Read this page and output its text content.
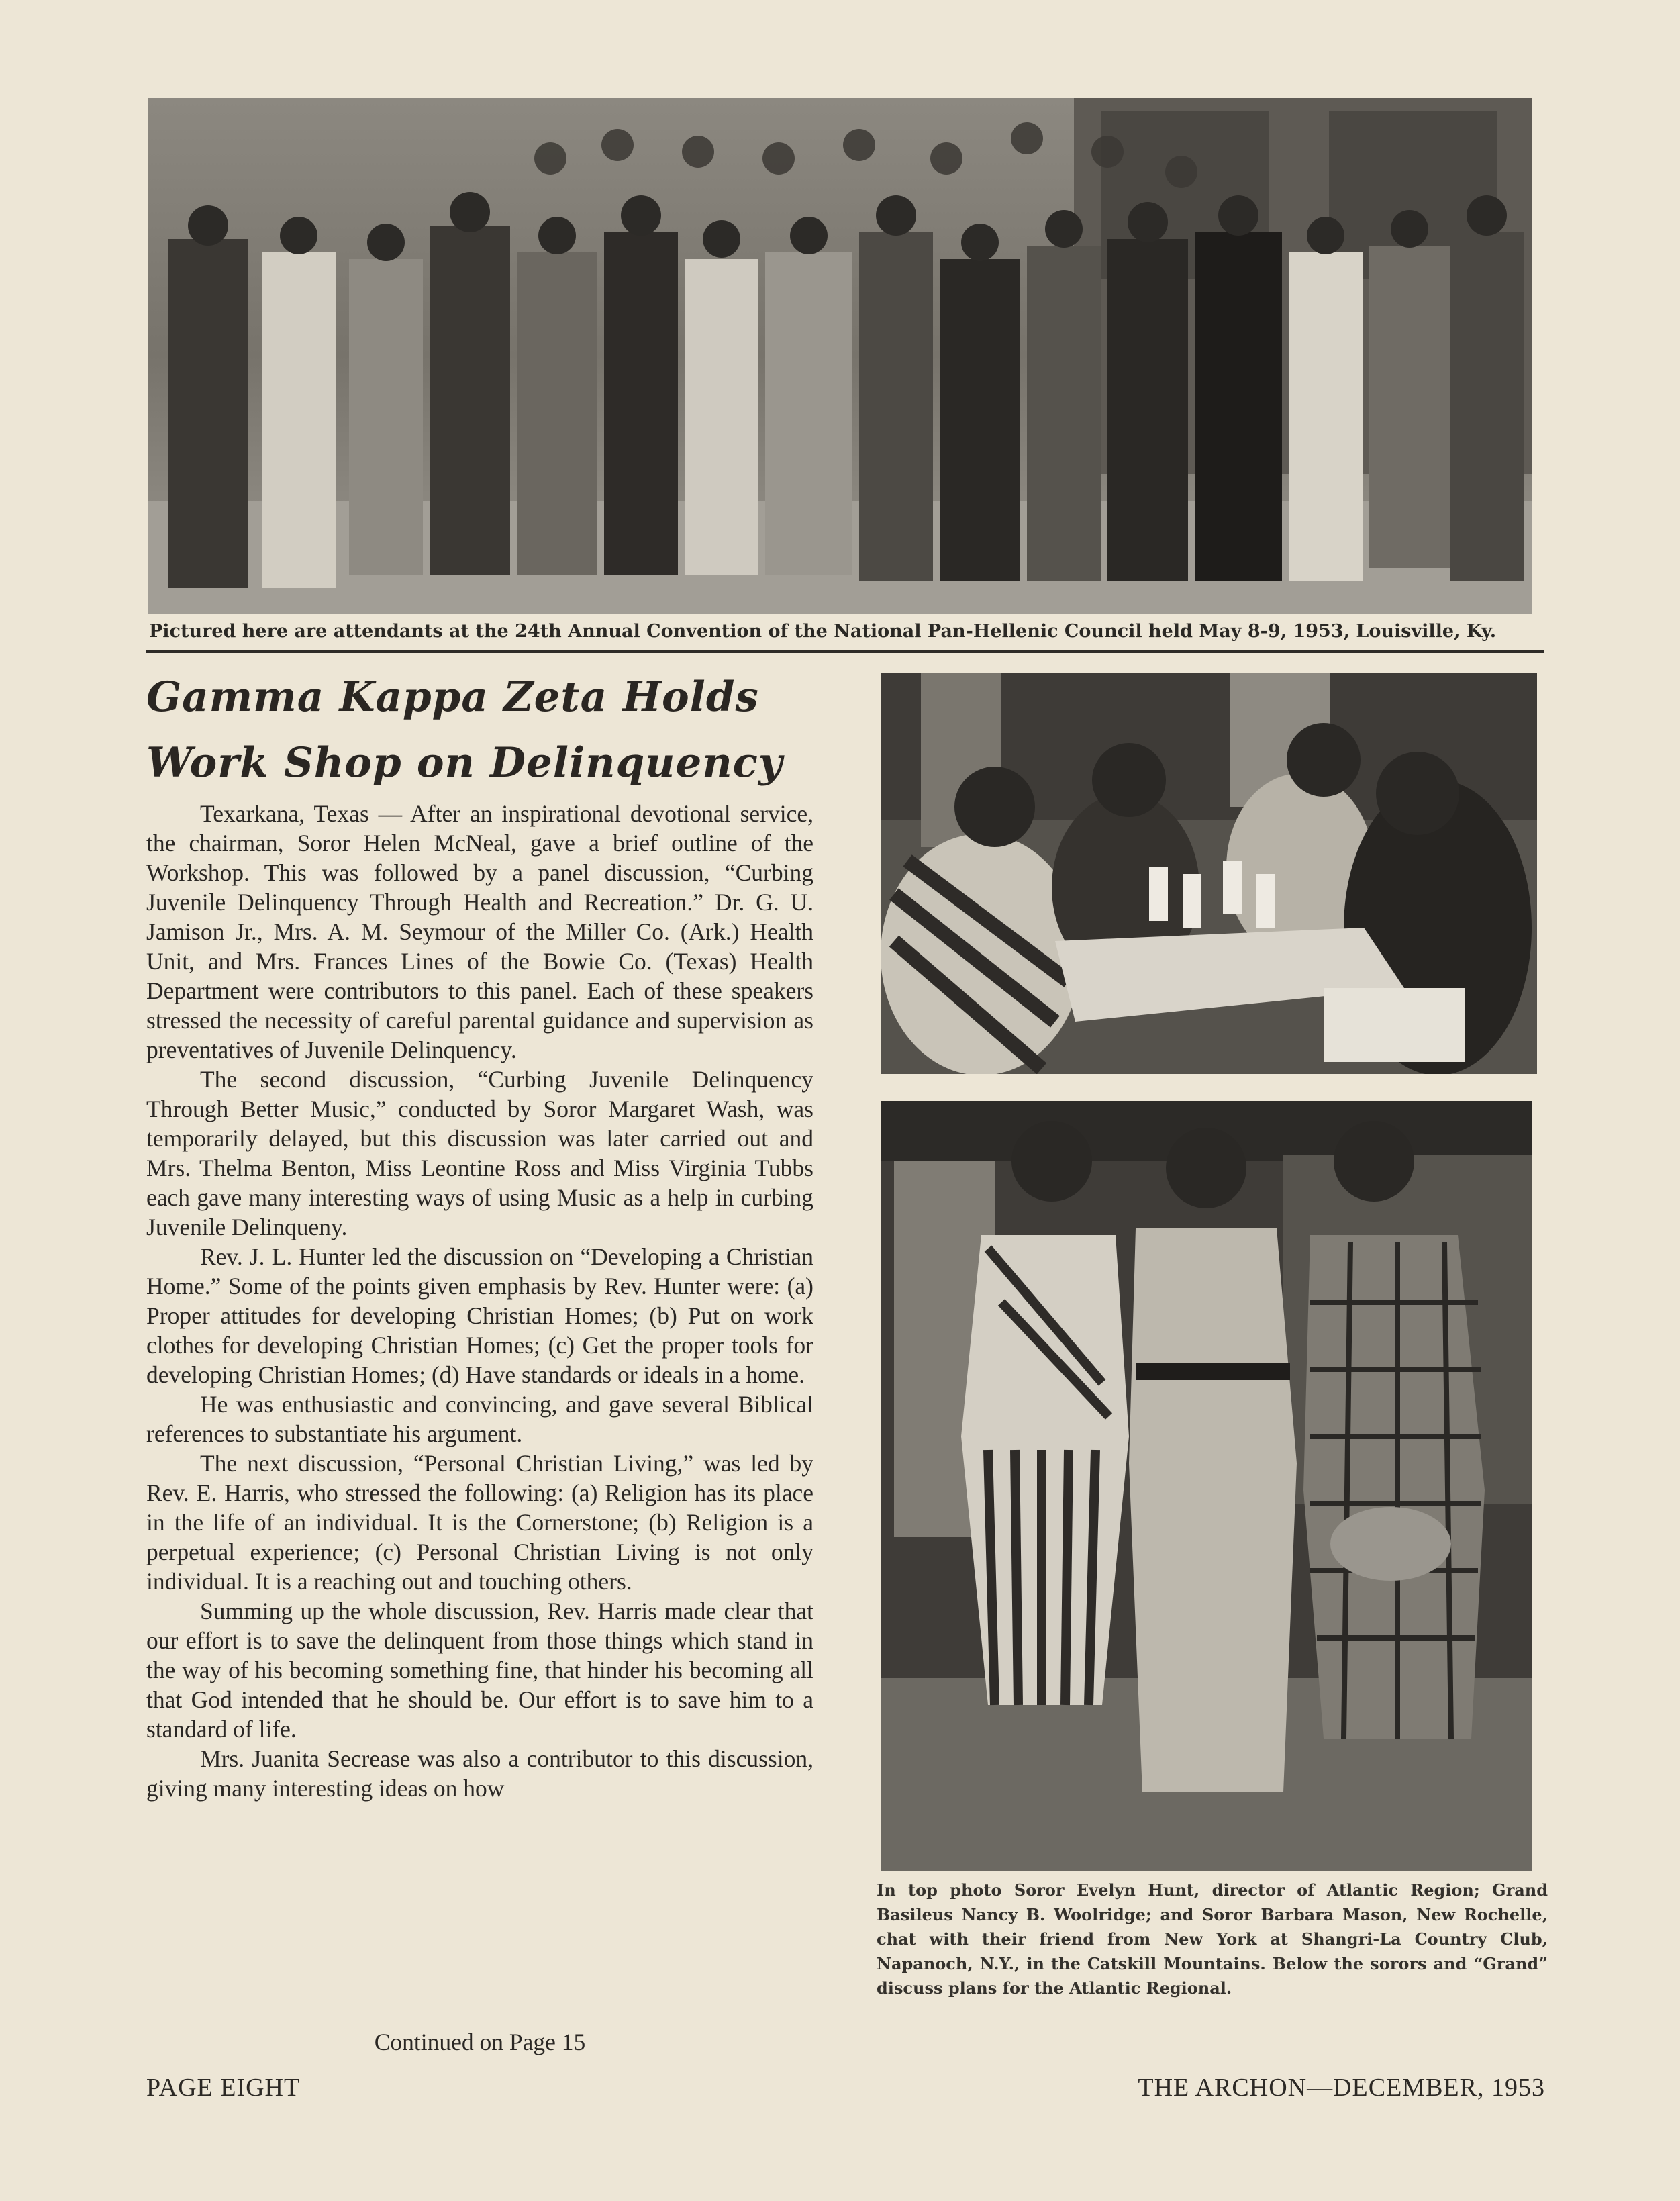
Pictured here are attendants at the 24th Annual Convention of the National Pan-Hellenic Council held May 8-9, 1953, Louisville, Ky.
Gamma Kappa Zeta Holds
Work Shop on Delinquency

Texarkana, Texas — After an inspirational devotional service, the chairman, Soror Helen McNeal, gave a brief outline of the Workshop. This was followed by a panel discussion, “Curbing Juvenile Delinquency Through Health and Recreation.” Dr. G. U. Jamison Jr., Mrs. A. M. Seymour of the Miller Co. (Ark.) Health Unit, and Mrs. Frances Lines of the Bowie Co. (Texas) Health Department were contributors to this panel. Each of these speakers stressed the necessity of careful parental guidance and supervision as preventatives of Juvenile Delinquency.

The second discussion, “Curbing Juvenile Delinquency Through Better Music,” conducted by Soror Margaret Wash, was temporarily delayed, but this discussion was later carried out and Mrs. Thelma Benton, Miss Leontine Ross and Miss Virginia Tubbs each gave many interesting ways of using Music as a help in curbing Juvenile Delinqueny.

Rev. J. L. Hunter led the discussion on “Developing a Christian Home.” Some of the points given emphasis by Rev. Hunter were: (a) Proper attitudes for developing Christian Homes; (b) Put on work clothes for developing Christian Homes; (c) Get the proper tools for developing Christian Homes; (d) Have standards or ideals in a home.

He was enthusiastic and convincing, and gave several Biblical references to substantiate his argument.

The next discussion, “Personal Christian Living,” was led by Rev. E. Harris, who stressed the following: (a) Religion has its place in the life of an individual. It is the Cornerstone; (b) Religion is a perpetual experience; (c) Personal Christian Living is not only individual. It is a reaching out and touching others.

Summing up the whole discussion, Rev. Harris made clear that our effort is to save the delinquent from those things which stand in the way of his becoming something fine, that hinder his becoming all that God intended that he should be. Our effort is to save him to a standard of life.

Mrs. Juanita Secrease was also a contributor to this discussion, giving many interesting ideas on how

Continued on Page 15
In top photo Soror Evelyn Hunt, director of Atlantic Region; Grand Basileus Nancy B. Woolridge; and Soror Barbara Mason, New Rochelle, chat with their friend from New York at Shangri-La Country Club, Napanoch, N.Y., in the Catskill Mountains. Below the sorors and “Grand” discuss plans for the Atlantic Regional.
PAGE EIGHT	THE ARCHON—DECEMBER, 1953
